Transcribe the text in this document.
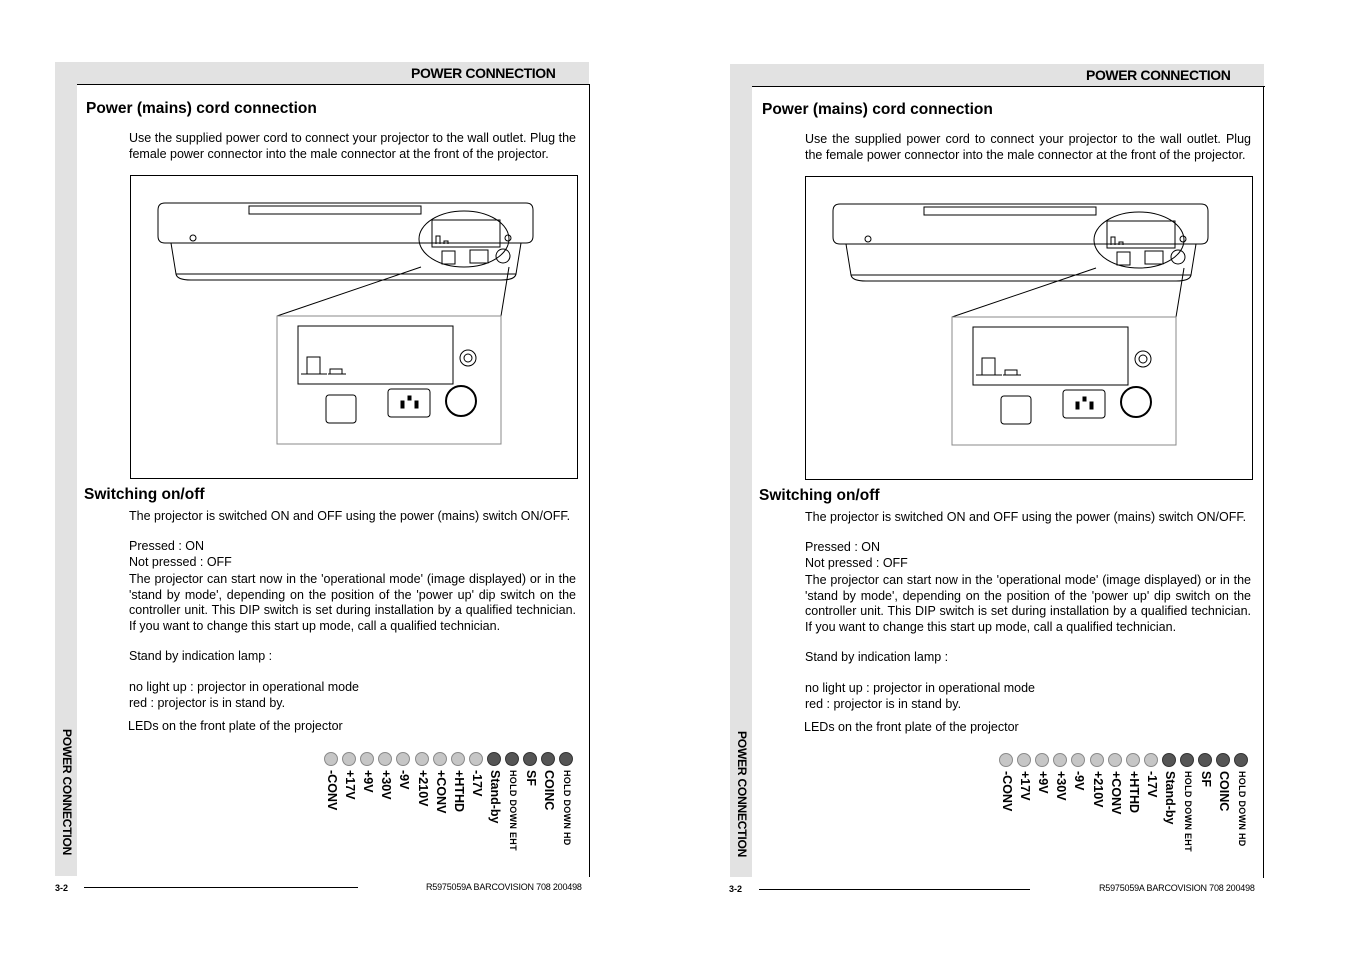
POWER CONNECTION
POWER CONNECTION
Power (mains) cord connection
Use the supplied power cord to connect your projector to the wall outlet. Plug the female power connector into the male connector at the front of the projector.
Switching on/off
The projector is switched ON and OFF using the power (mains) switch ON/OFF.
Pressed : ON
Not pressed : OFF
The projector can start now in the 'operational mode' (image displayed) or in the 'stand by mode', depending on the position of the 'power up' dip switch on the controller unit. This DIP switch is set during installation by a qualified technician. If you want to change this start up mode, call a qualified technician.
Stand by indication lamp :
no light up : projector in operational mode
red : projector is in stand by.
LEDs on the front plate of the projector
-CONV +17V +9V +30V -9V +210V +CONV +HTHD -17V Stand-by HOLD DOWN EHT SF COINC HOLD DOWN HD
3-2	R5975059A BARCOVISION 708 200498
POWER CONNECTION
POWER CONNECTION
Power (mains) cord connection
Use the supplied power cord to connect your projector to the wall outlet. Plug the female power connector into the male connector at the front of the projector.
Switching on/off
The projector is switched ON and OFF using the power (mains) switch ON/OFF.
Pressed : ON
Not pressed : OFF
The projector can start now in the 'operational mode' (image displayed) or in the 'stand by mode', depending on the position of the 'power up' dip switch on the controller unit. This DIP switch is set during installation by a qualified technician. If you want to change this start up mode, call a qualified technician.
Stand by indication lamp :
no light up : projector in operational mode
red : projector is in stand by.
LEDs on the front plate of the projector
-CONV +17V +9V +30V -9V +210V +CONV +HTHD -17V Stand-by HOLD DOWN EHT SF COINC HOLD DOWN HD
3-2	R5975059A BARCOVISION 708 200498
